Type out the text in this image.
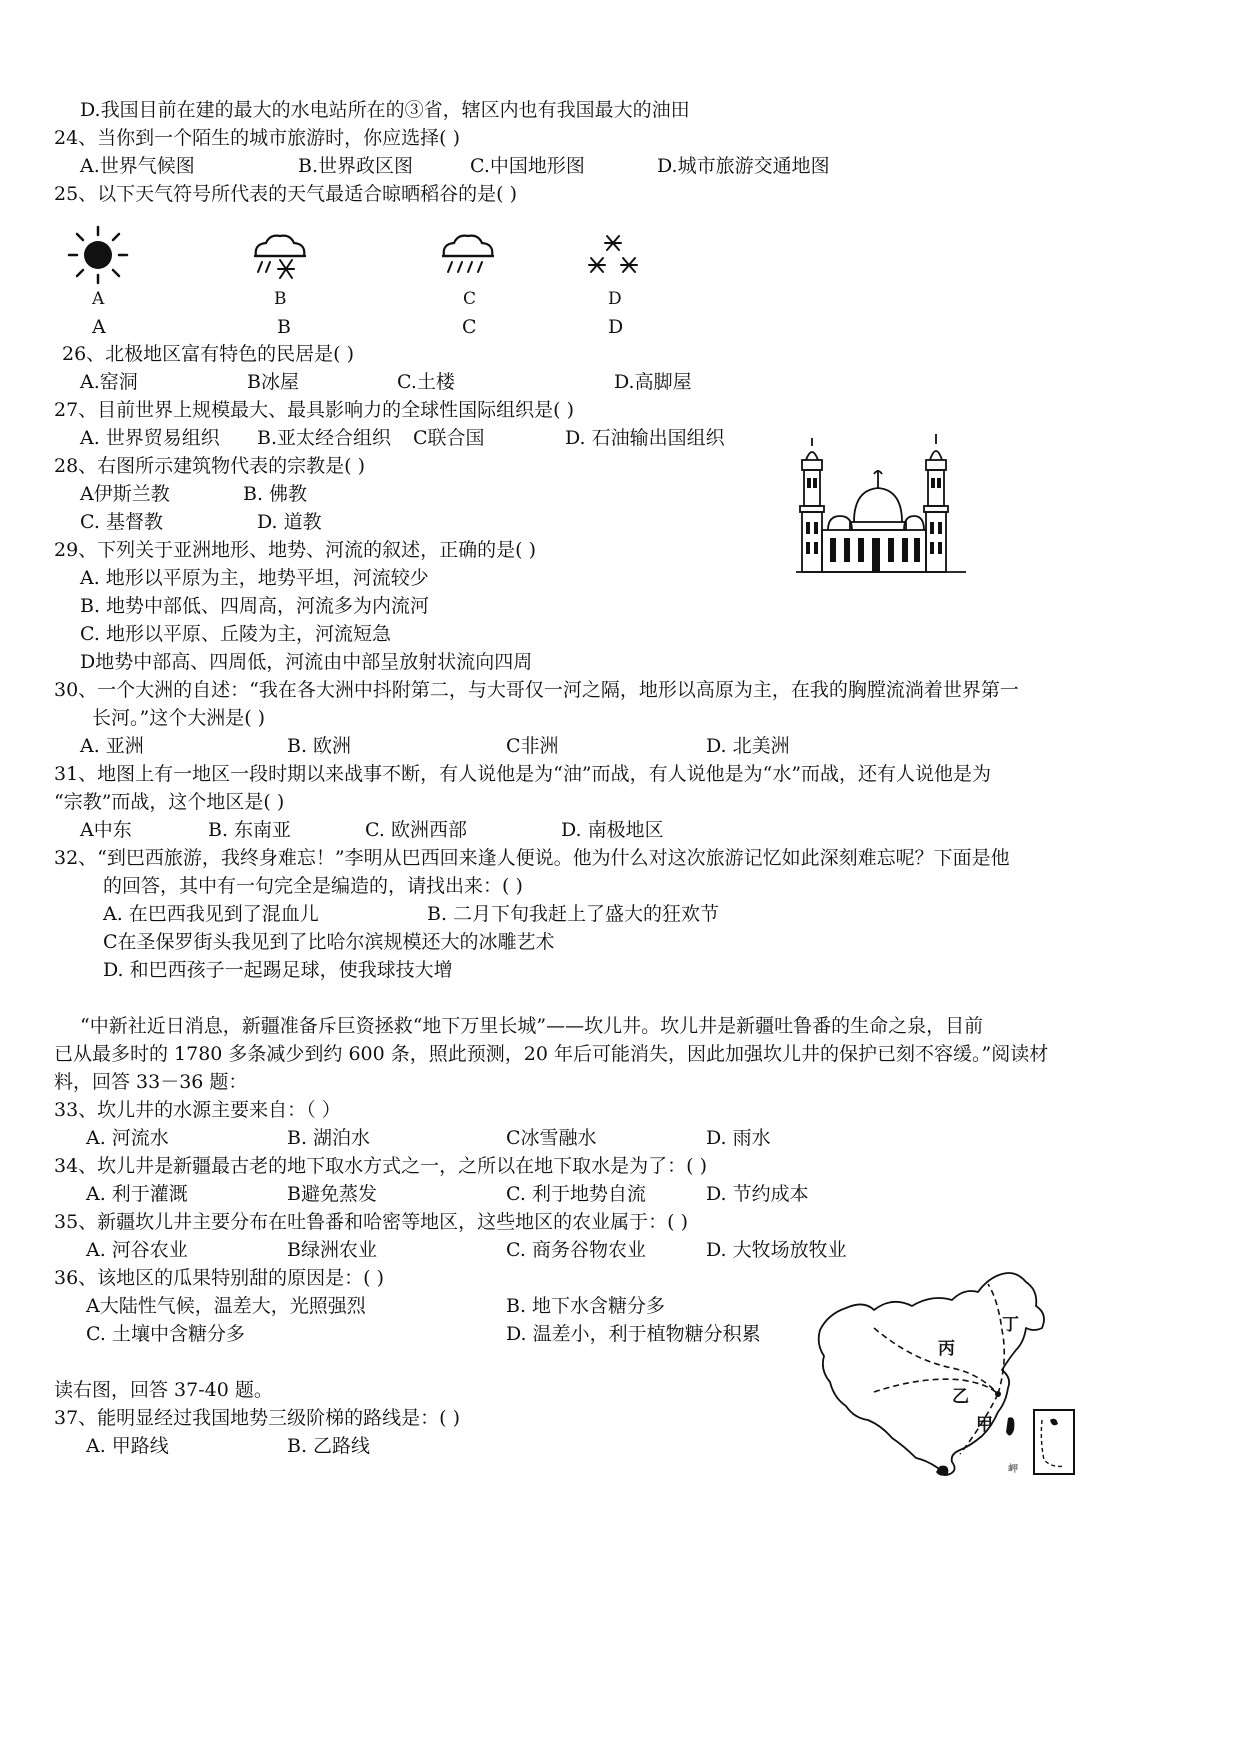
D.我国目前在建的最大的水电站所在的③省，辖区内也有我国最大的油田
24、当你到一个陌生的城市旅游时，你应选择( )
A.世界气候图	B.世界政区图	C.中国地形图	D.城市旅游交通地图
25、以下天气符号所代表的天气最适合晾晒稻谷的是( )
A	B	C	D
A	B	C	D
26、北极地区富有特色的民居是( )
A.窑洞	B冰屋	C.土楼	D.高脚屋
27、目前世界上规模最大、最具影响力的全球性国际组织是( )
A. 世界贸易组织 B.亚太经合组织 C联合国	D. 石油输出国组织
28、右图所示建筑物代表的宗教是( )
A伊斯兰教	B. 佛教
C. 基督教	D. 道教
29、下列关于亚洲地形、地势、河流的叙述，正确的是( )
A. 地形以平原为主，地势平坦，河流较少
B. 地势中部低、四周高，河流多为内流河
C. 地形以平原、丘陵为主，河流短急
D地势中部高、四周低，河流由中部呈放射状流向四周
30、一个大洲的自述：“我在各大洲中抖附第二，与大哥仅一河之隔，地形以高原为主，在我的胸膛流淌着世界第一
长河。”这个大洲是( )
A. 亚洲	B. 欧洲	C非洲	D. 北美洲
31、地图上有一地区一段时期以来战事不断，有人说他是为“油”而战，有人说他是为“水”而战，还有人说他是为
“宗教”而战，这个地区是( )
A中东	B. 东南亚	C. 欧洲西部	D. 南极地区
32、“到巴西旅游，我终身难忘！”李明从巴西回来逢人便说。他为什么对这次旅游记忆如此深刻难忘呢？下面是他
的回答，其中有一句完全是编造的，请找出来：( )
A. 在巴西我见到了混血儿	B. 二月下旬我赶上了盛大的狂欢节
C在圣保罗街头我见到了比哈尔滨规模还大的冰雕艺术
D. 和巴西孩子一起踢足球，使我球技大增
“中新社近日消息，新疆准备斥巨资拯救“地下万里长城”——坎儿井。坎儿井是新疆吐鲁番的生命之泉，目前
已从最多时的 1780 多条减少到约 600 条，照此预测，20 年后可能消失，因此加强坎儿井的保护已刻不容缓。”阅读材
料，回答 33－36 题：
33、坎儿井的水源主要来自：（ ）
A. 河流水	B. 湖泊水	C冰雪融水	D. 雨水
34、坎儿井是新疆最古老的地下取水方式之一，之所以在地下取水是为了：( )
A. 利于灌溉	B避免蒸发	C. 利于地势自流	D. 节约成本
35、新疆坎儿井主要分布在吐鲁番和哈密等地区，这些地区的农业属于：( )
A. 河谷农业	B绿洲农业	C. 商务谷物农业	D. 大牧场放牧业
36、该地区的瓜果特别甜的原因是：( )
A大陆性气候，温差大，光照强烈	B. 地下水含糖分多
C. 土壤中含糖分多	D. 温差小，利于植物糖分积累
读右图，回答 37-40 题。
37、能明显经过我国地势三级阶梯的路线是：( )
A. 甲路线	B. 乙路线
岬
丁
丙
乙
甲
